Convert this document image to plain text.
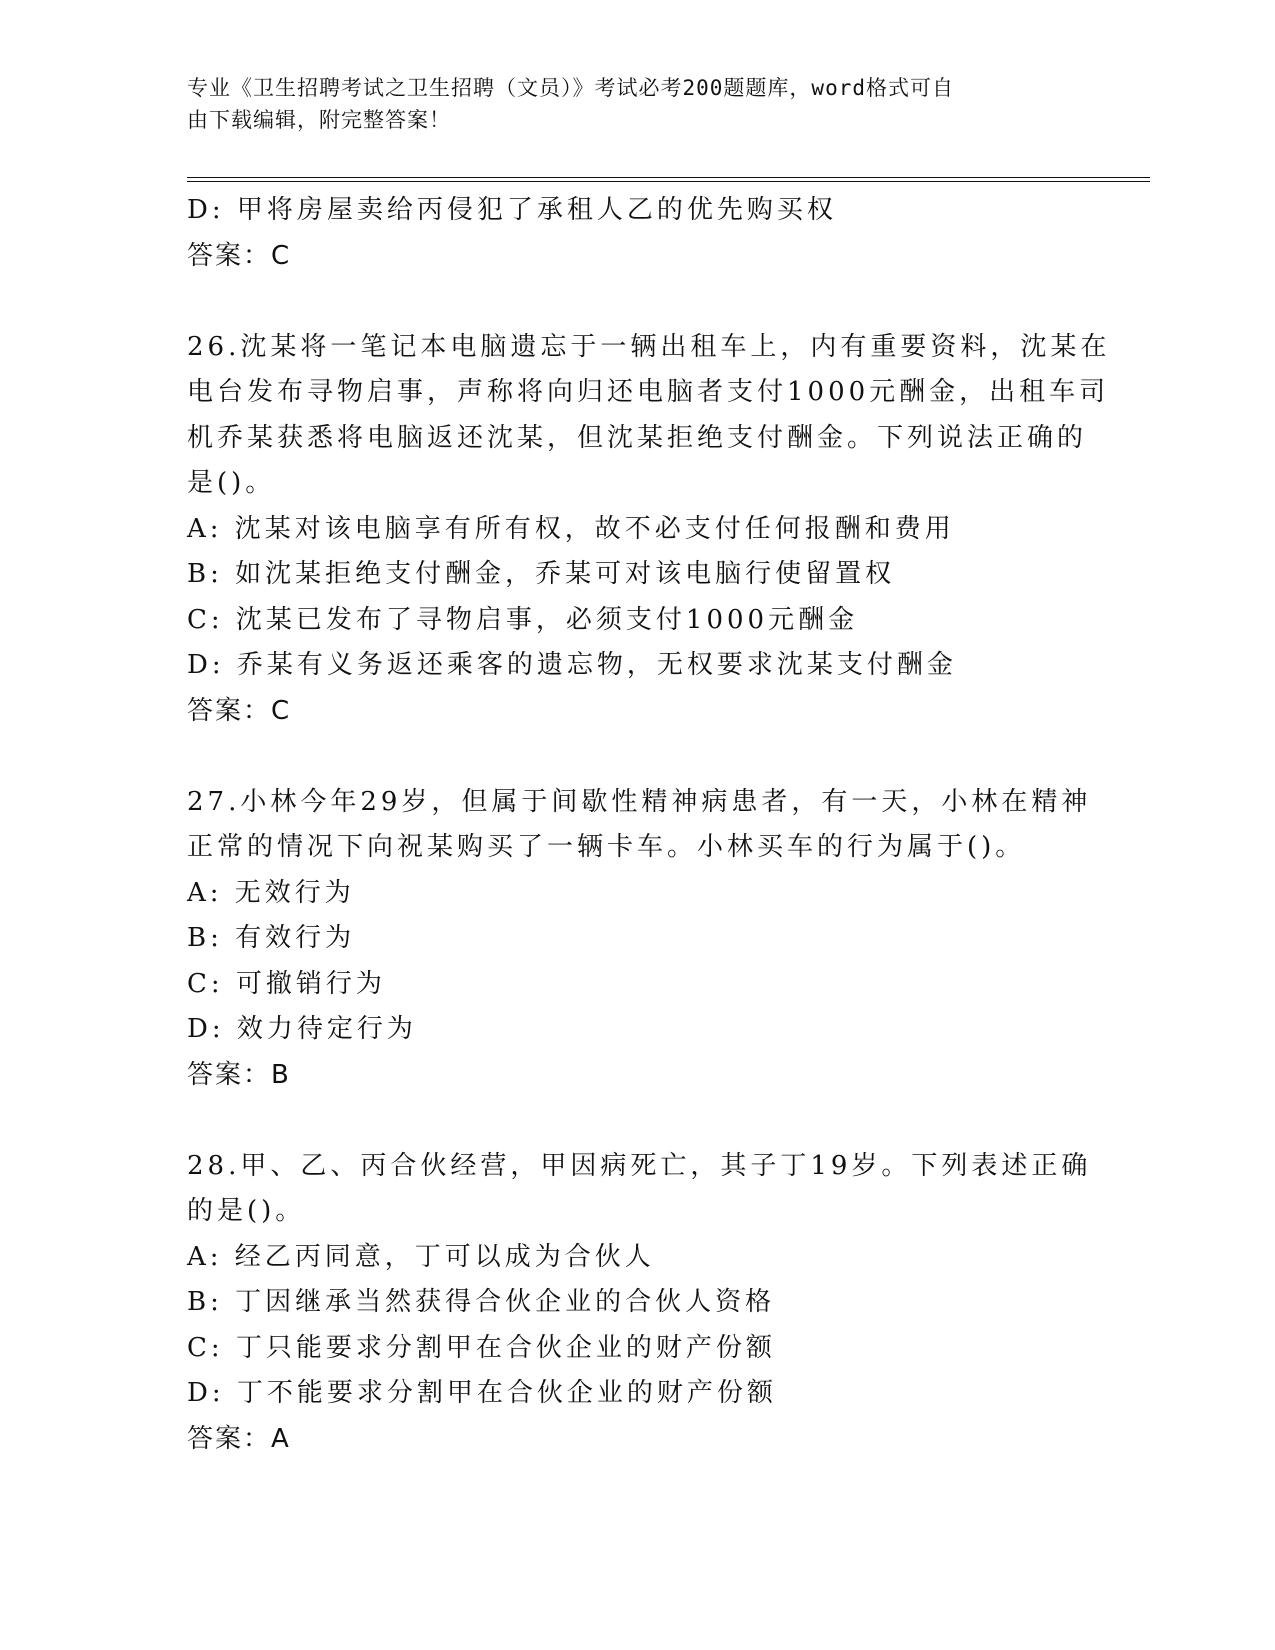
专业《卫生招聘考试之卫生招聘（文员）》考试必考200题题库，word格式可自
由下载编辑，附完整答案！

D: 甲将房屋卖给丙侵犯了承租人乙的优先购买权

答案：C

26.沈某将一笔记本电脑遗忘于一辆出租车上，内有重要资料，沈某在

电台发布寻物启事，声称将向归还电脑者支付1000元酬金，出租车司

机乔某获悉将电脑返还沈某，但沈某拒绝支付酬金。下列说法正确的

是()。

A: 沈某对该电脑享有所有权，故不必支付任何报酬和费用

B: 如沈某拒绝支付酬金，乔某可对该电脑行使留置权

C: 沈某已发布了寻物启事，必须支付1000元酬金

D: 乔某有义务返还乘客的遗忘物，无权要求沈某支付酬金

答案：C

27.小林今年29岁，但属于间歇性精神病患者，有一天，小林在精神

正常的情况下向祝某购买了一辆卡车。小林买车的行为属于()。

A: 无效行为

B: 有效行为

C: 可撤销行为

D: 效力待定行为

答案：B

28.甲、乙、丙合伙经营，甲因病死亡，其子丁19岁。下列表述正确

的是()。

A: 经乙丙同意，丁可以成为合伙人

B: 丁因继承当然获得合伙企业的合伙人资格

C: 丁只能要求分割甲在合伙企业的财产份额

D: 丁不能要求分割甲在合伙企业的财产份额

答案：A
